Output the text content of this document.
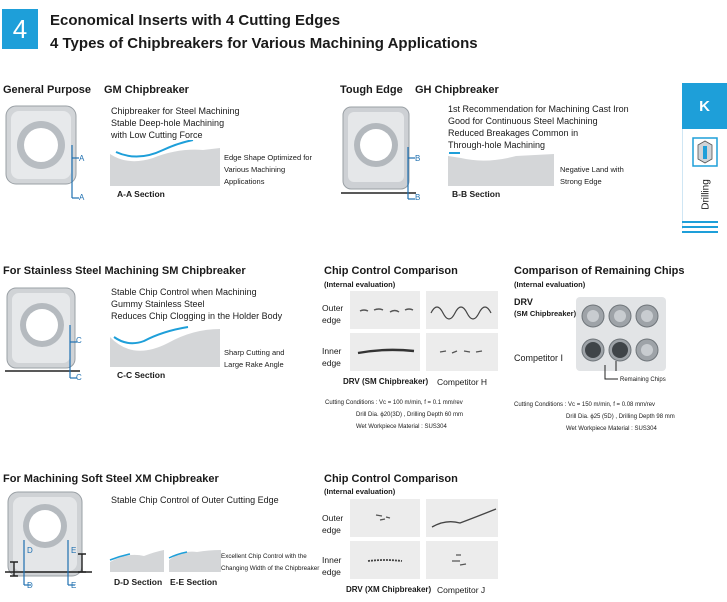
4 Economical Inserts with 4 Cutting Edges
4 Types of Chipbreakers for Various Machining Applications
K
Drilling
General Purpose GM Chipbreaker
A
A
Chipbreaker for Steel Machining
Stable Deep-hole Machining
with Low Cutting Force
Edge Shape Optimized for
Various Machining
Applications
A-A Section
Tough Edge GH Chipbreaker
B
B
1st Recommendation for Machining Cast Iron
Good for Continuous Steel Machining
Reduced Breakages Common in
Through-hole Machining
Negative Land with
Strong Edge
B-B Section
For Stainless Steel Machining SM Chipbreaker
C
C
Stable Chip Control when Machining
Gummy Stainless Steel
Reduces Chip Clogging in the Holder Body
Sharp Cutting and
Large Rake Angle
C-C Section
Chip Control Comparison
(Internal evaluation)
Outer
edge
Inner
edge
DRV (SM Chipbreaker) Competitor H
Cutting Conditions : Vc = 100 m/min, f = 0.1 mm/rev
Drill Dia. ϕ20(3D) , Drilling Depth 60 mm
Wet Workpiece Material : SUS304
Comparison of Remaining Chips
(Internal evaluation)
DRV
(SM Chipbreaker)
Competitor I
Remaining Chips
Cutting Conditions : Vc = 150 m/min, f = 0.08 mm/rev
Drill Dia. ϕ25 (5D) , Drilling Depth 98 mm
Wet Workpiece Material : SUS304
For Machining Soft Steel XM Chipbreaker
D
D
E
E
Stable Chip Control of Outer Cutting Edge
Excellent Chip Control with the
Changing Width of the Chipbreaker
D-D Section E-E Section
Chip Control Comparison
(Internal evaluation)
Outer
edge
Inner
edge
DRV (XM Chipbreaker) Competitor J
